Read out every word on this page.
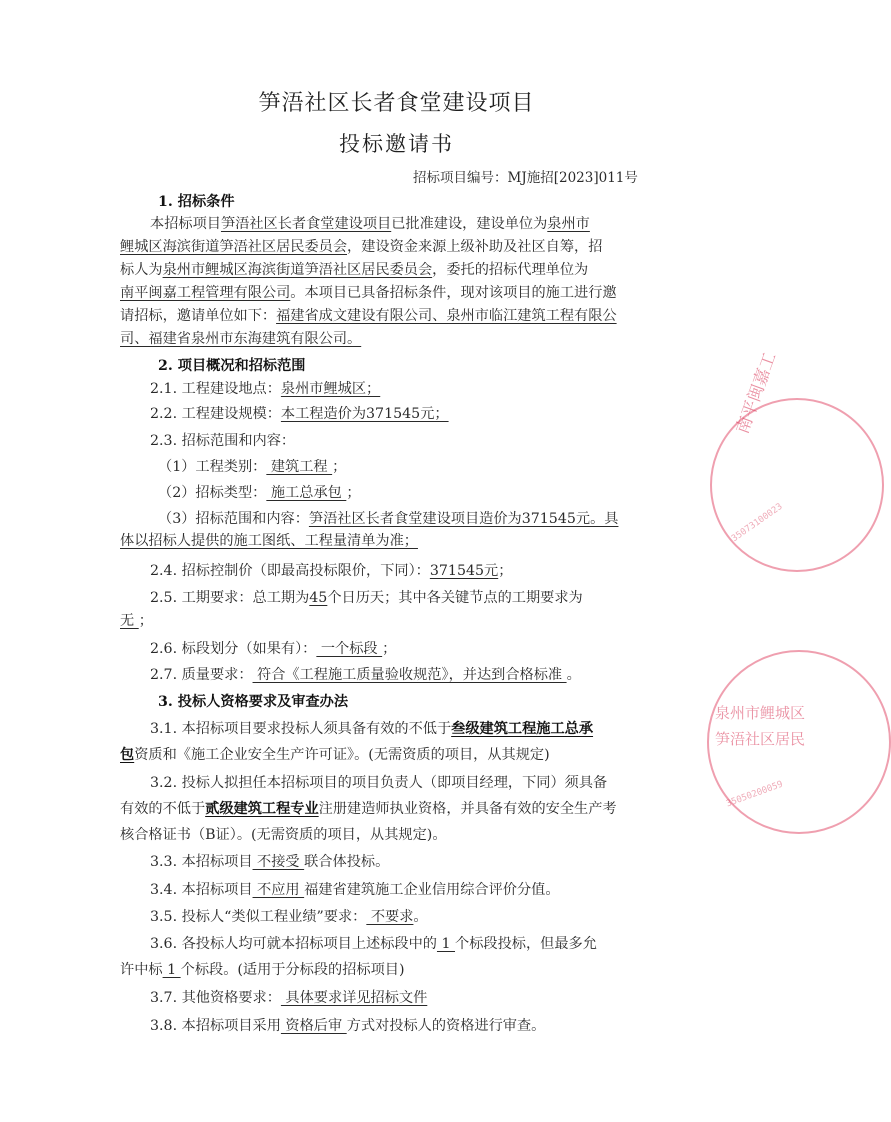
笋浯社区长者食堂建设项目
投标邀请书
招标项目编号：MJ施招[2023]011号
1. 招标条件
本招标项目笋浯社区长者食堂建设项目已批准建设，建设单位为泉州市
鲤城区海滨街道笋浯社区居民委员会，建设资金来源上级补助及社区自筹，招
标人为泉州市鲤城区海滨街道笋浯社区居民委员会，委托的招标代理单位为
南平闽嘉工程管理有限公司。本项目已具备招标条件，现对该项目的施工进行邀
请招标，邀请单位如下：福建省成文建设有限公司、泉州市临江建筑工程有限公
司、福建省泉州市东海建筑有限公司。
2. 项目概况和招标范围
2.1. 工程建设地点：泉州市鲤城区；
2.2. 工程建设规模：本工程造价为371545元；
2.3. 招标范围和内容：
（1）工程类别： 建筑工程 ；
（2）招标类型： 施工总承包 ；
（3）招标范围和内容：笋浯社区长者食堂建设项目造价为371545元。具
体以招标人提供的施工图纸、工程量清单为准；
2.4. 招标控制价（即最高投标限价，下同）：371545元；
2.5. 工期要求：总工期为45个日历天；其中各关键节点的工期要求为
无 ；
2.6. 标段划分（如果有）： 一个标段 ；
2.7. 质量要求： 符合《工程施工质量验收规范》，并达到合格标准 。
3. 投标人资格要求及审查办法
3.1. 本招标项目要求投标人须具备有效的不低于叁级建筑工程施工总承
包资质和《施工企业安全生产许可证》。(无需资质的项目，从其规定)
3.2. 投标人拟担任本招标项目的项目负责人（即项目经理，下同）须具备
有效的不低于贰级建筑工程专业注册建造师执业资格，并具备有效的安全生产考
核合格证书（B证）。(无需资质的项目，从其规定)。
3.3. 本招标项目 不接受 联合体投标。
3.4. 本招标项目 不应用 福建省建筑施工企业信用综合评价分值。
3.5. 投标人“类似工程业绩”要求： 不要求。
3.6. 各投标人均可就本招标项目上述标段中的 1 个标段投标，但最多允
许中标 1 个标段。(适用于分标段的招标项目)
3.7. 其他资格要求： 具体要求详见招标文件
3.8. 本招标项目采用 资格后审 方式对投标人的资格进行审查。
南平闽嘉工
35073100023
泉州市鲤城区
笋浯社区居民
35050200059
